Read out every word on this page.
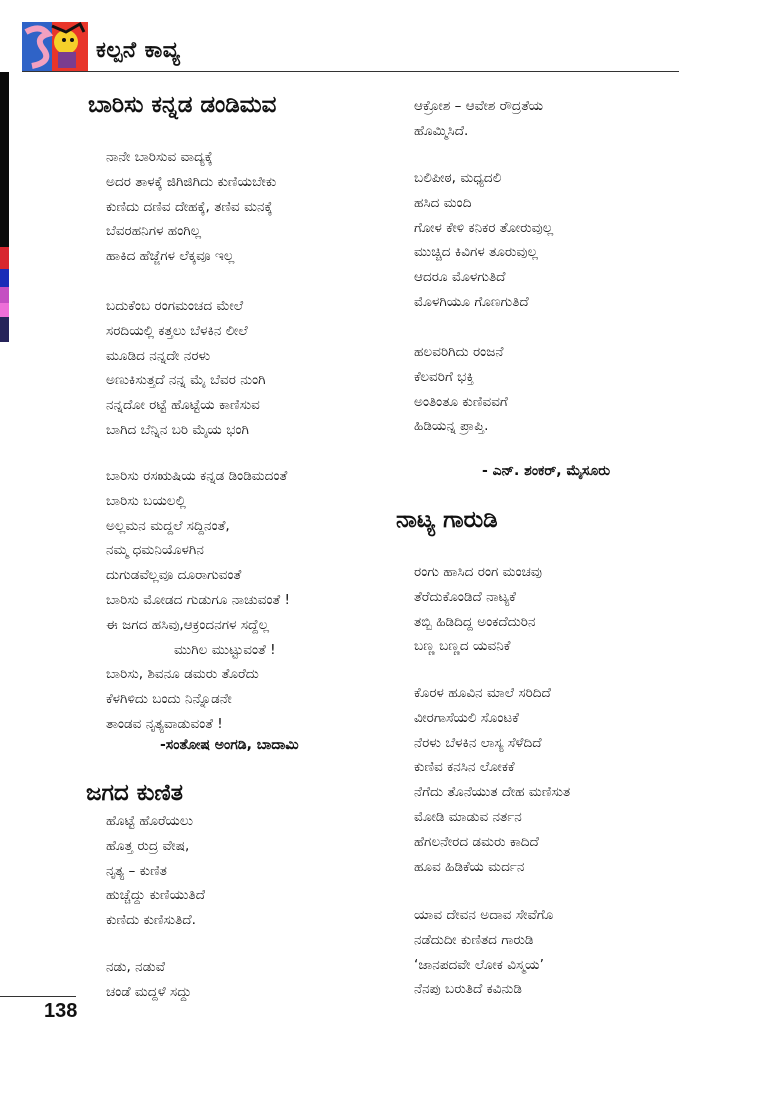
ಕಲ್ಪನೆ ಕಾವ್ಯ
ಬಾರಿಸು ಕನ್ನಡ ಡಂಡಿಮವ
ನಾನೇ ಬಾರಿಸುವ ವಾದ್ಯಕ್ಕೆ
ಅದರ ತಾಳಕ್ಕೆ ಜಿಗಿಜಿಗಿದು ಕುಣಿಯಬೇಕು
ಕುಣಿದು ದಣಿವ ದೇಹಕ್ಕೆ, ತಣಿವ ಮನಕ್ಕೆ
ಬೆವರಹನಿಗಳ ಹಂಗಿಲ್ಲ
ಹಾಕಿದ ಹೆಜ್ಜೆಗಳ ಲೆಕ್ಕವೂ ಇಲ್ಲ
ಬದುಕೆಂಬ ರಂಗಮಂಚದ ಮೇಲೆ
ಸರದಿಯಲ್ಲಿ ಕತ್ತಲು ಬೆಳಕಿನ ಲೀಲೆ
ಮೂಡಿದ ನನ್ನದೇ ನರಳು
ಅಣುಕಿಸುತ್ತದೆ ನನ್ನ ಮೈ ಬೆವರ ನುಂಗಿ
ನನ್ನದೋ ರಟ್ಟೆ ಹೊಟ್ಟೆಯ ಕಾಣಿಸುವ
ಬಾಗಿದ ಬೆನ್ನಿನ ಬರಿ ಮೈಯ ಭಂಗಿ
ಬಾರಿಸು ರಸಋಷಿಯ ಕನ್ನಡ ಡಿಂಡಿಮದಂತೆ
ಬಾರಿಸು ಬಯಲಲ್ಲಿ
ಅಲ್ಲಮನ ಮದ್ದಲೆ ಸದ್ದಿನಂತೆ,
ನಮ್ಮ ಧಮನಿಯೊಳಗಿನ
ದುಗುಡವೆಲ್ಲವೂ ದೂರಾಗುವಂತೆ
ಬಾರಿಸು ಮೋಡದ ಗುಡುಗೂ ನಾಚುವಂತೆ !
ಈ ಜಗದ ಹಸಿವು,ಆಕ್ರಂದನಗಳ ಸದ್ದೆಲ್ಲ
ಮುಗಿಲ ಮುಟ್ಟುವಂತೆ !
ಬಾರಿಸು, ಶಿವನೂ ಡಮರು ತೊರೆದು
ಕೆಳಗಿಳಿದು ಬಂದು ನಿನ್ನೊಡನೇ
ತಾಂಡವ ನೃತ್ಯವಾಡುವಂತೆ !
-ಸಂತೋಷ ಅಂಗಡಿ, ಬಾದಾಮಿ
ಜಗದ ಕುಣಿತ
ಹೊಟ್ಟೆ ಹೊರೆಯಲು
ಹೊತ್ತ ರುದ್ರ ವೇಷ,
ನೃತ್ಯ – ಕುಣಿತ
ಹುಚ್ಚೆದ್ದು ಕುಣಿಯುತಿದೆ
ಕುಣಿದು ಕುಣಿಸುತಿದೆ.
ನಡು, ನಡುವೆ
ಚಂಡೆ ಮದ್ದಳೆ ಸದ್ದು
ಆಕ್ರೋಶ – ಆವೇಶ ರೌದ್ರತೆಯ
ಹೊಮ್ಮಿಸಿದೆ.
ಬಲಿಪೀಠ, ಮಧ್ಯದಲಿ
ಹಸಿದ ಮಂದಿ
ಗೋಳ ಕೇಳಿ ಕನಿಕರ ತೋರುವುಲ್ಲ
ಮುಚ್ಚಿದ ಕಿವಿಗಳ ತೂರುವುಲ್ಲ
ಆದರೂ ಮೊಳಗುತಿದೆ
ಮೊಳಗಿಯೂ ಗೊಣಗುತಿದೆ
ಹಲವರಿಗಿದು ರಂಜನೆ
ಕೆಲವರಿಗೆ ಭಕ್ತಿ
ಅಂತಿಂತೂ ಕುಣಿವವಗೆ
ಹಿಡಿಯನ್ನ ಪ್ರಾಪ್ತಿ.
- ಎನ್. ಶಂಕರ್, ಮೈಸೂರು
ನಾಟ್ಯ ಗಾರುಡಿ
ರಂಗು ಹಾಸಿದ ರಂಗ ಮಂಚವು
ತೆರೆದುಕೊಂಡಿದೆ ನಾಟ್ಯಕೆ
ತಬ್ಬಿ ಹಿಡಿದಿದ್ದ ಅಂಕದೆದುರಿನ
ಬಣ್ಣ ಬಣ್ಣದ ಯವನಿಕೆ
ಕೊರಳ ಹೂವಿನ ಮಾಲೆ ಸರಿದಿದೆ
ವೀರಗಾಸೆಯಲಿ ಸೊಂಟಕೆ
ನೆರಳು ಬೆಳಕಿನ ಲಾಸ್ಯ ಸೆಳೆದಿದೆ
ಕುಣಿವ ಕನಸಿನ ಲೋಕಕೆ
ನೆಗೆದು ತೊನೆಯುತ ದೇಹ ಮಣಿಸುತ
ಮೋಡಿ ಮಾಡುವ ನರ್ತನ
ಹೆಗಲನೇರದ ಡಮರು ಕಾದಿದೆ
ಹೂವ ಹಿಡಿಕೆಯ ಮರ್ದನ
ಯಾವ ದೇವನ ಅದಾವ ಸೇವೆಗೊ
ನಡೆದುದೀ ಕುಣಿತದ ಗಾರುಡಿ
‘ಜಾನಪದವೇ ಲೋಕ ವಿಸ್ಮಯ’
ನೆನಪು ಬರುತಿದೆ ಕವಿನುಡಿ
138
